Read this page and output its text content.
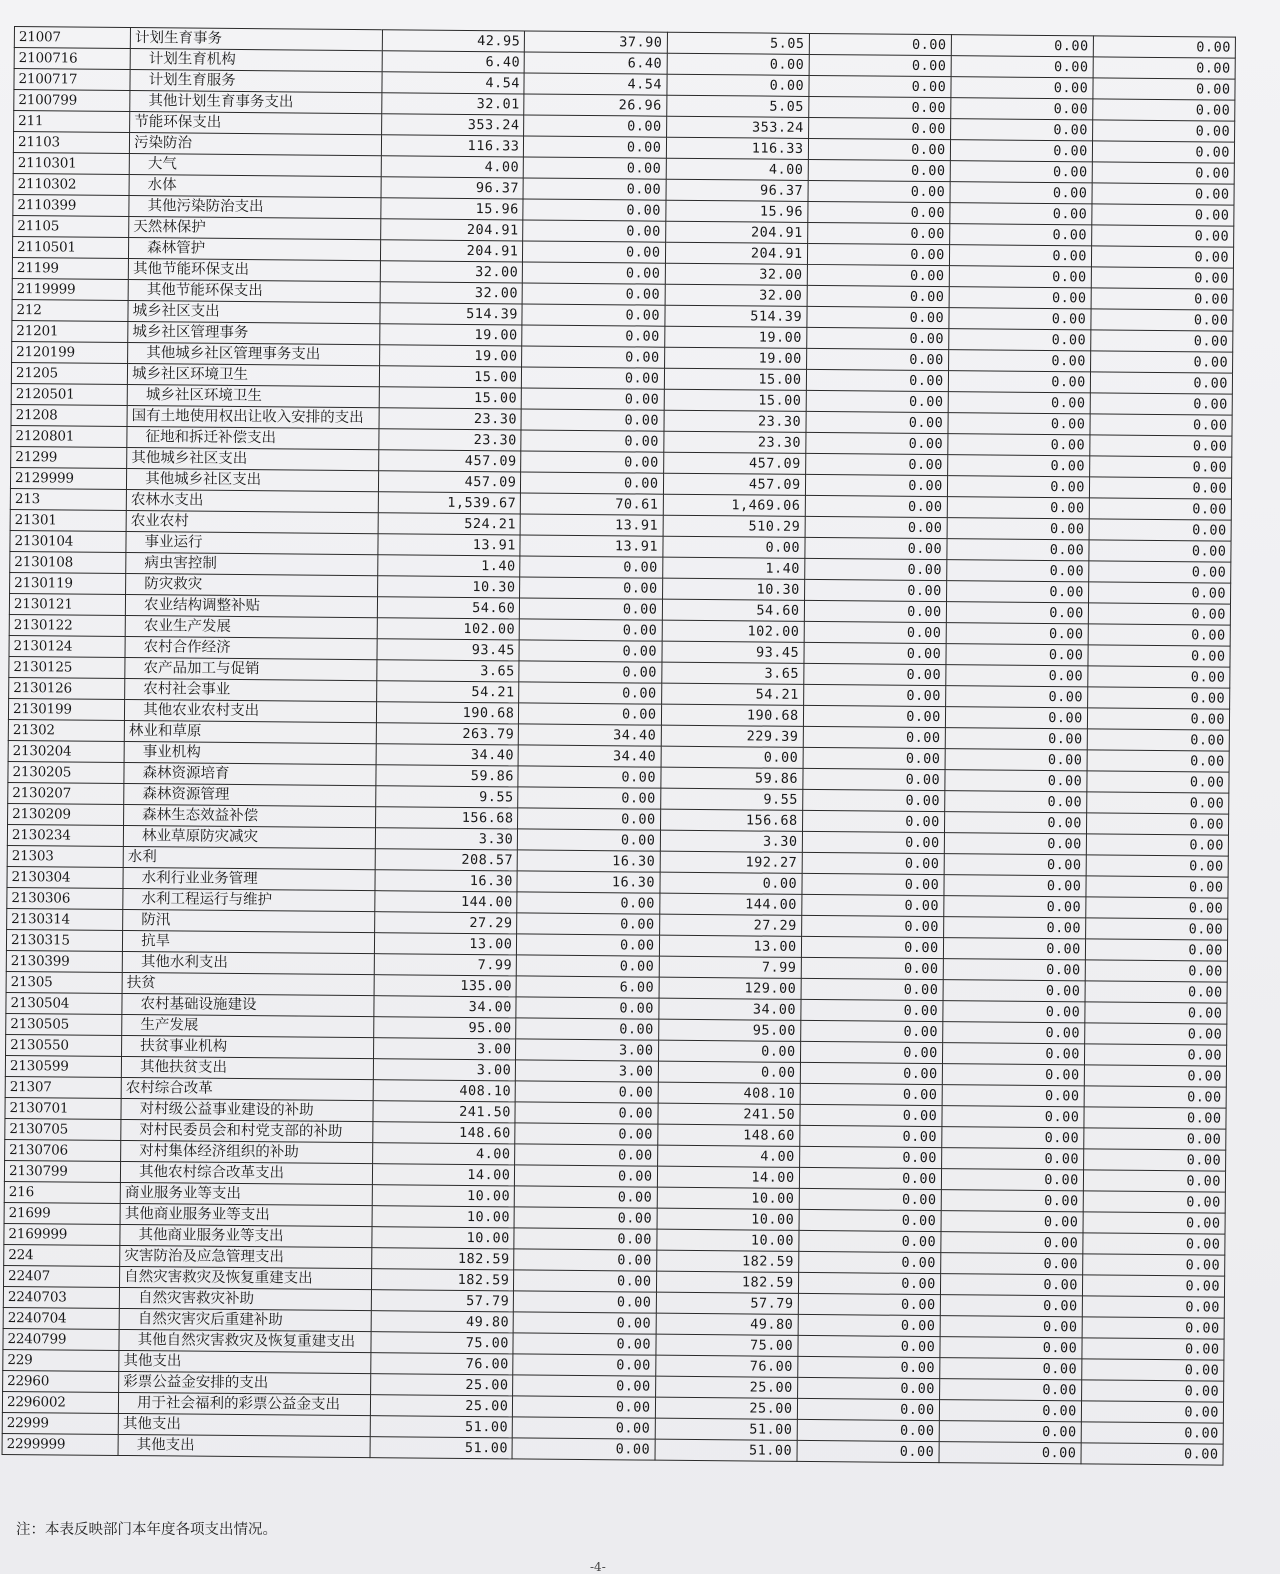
21007	计划生育事务	42.95	37.90	5.05	0.00	0.00	0.00
2100716	计划生育机构	6.40	6.40	0.00	0.00	0.00	0.00
2100717	计划生育服务	4.54	4.54	0.00	0.00	0.00	0.00
2100799	其他计划生育事务支出	32.01	26.96	5.05	0.00	0.00	0.00
211	节能环保支出	353.24	0.00	353.24	0.00	0.00	0.00
21103	污染防治	116.33	0.00	116.33	0.00	0.00	0.00
2110301	大气	4.00	0.00	4.00	0.00	0.00	0.00
2110302	水体	96.37	0.00	96.37	0.00	0.00	0.00
2110399	其他污染防治支出	15.96	0.00	15.96	0.00	0.00	0.00
21105	天然林保护	204.91	0.00	204.91	0.00	0.00	0.00
2110501	森林管护	204.91	0.00	204.91	0.00	0.00	0.00
21199	其他节能环保支出	32.00	0.00	32.00	0.00	0.00	0.00
2119999	其他节能环保支出	32.00	0.00	32.00	0.00	0.00	0.00
212	城乡社区支出	514.39	0.00	514.39	0.00	0.00	0.00
21201	城乡社区管理事务	19.00	0.00	19.00	0.00	0.00	0.00
2120199	其他城乡社区管理事务支出	19.00	0.00	19.00	0.00	0.00	0.00
21205	城乡社区环境卫生	15.00	0.00	15.00	0.00	0.00	0.00
2120501	城乡社区环境卫生	15.00	0.00	15.00	0.00	0.00	0.00
21208	国有土地使用权出让收入安排的支出	23.30	0.00	23.30	0.00	0.00	0.00
2120801	征地和拆迁补偿支出	23.30	0.00	23.30	0.00	0.00	0.00
21299	其他城乡社区支出	457.09	0.00	457.09	0.00	0.00	0.00
2129999	其他城乡社区支出	457.09	0.00	457.09	0.00	0.00	0.00
213	农林水支出	1,539.67	70.61	1,469.06	0.00	0.00	0.00
21301	农业农村	524.21	13.91	510.29	0.00	0.00	0.00
2130104	事业运行	13.91	13.91	0.00	0.00	0.00	0.00
2130108	病虫害控制	1.40	0.00	1.40	0.00	0.00	0.00
2130119	防灾救灾	10.30	0.00	10.30	0.00	0.00	0.00
2130121	农业结构调整补贴	54.60	0.00	54.60	0.00	0.00	0.00
2130122	农业生产发展	102.00	0.00	102.00	0.00	0.00	0.00
2130124	农村合作经济	93.45	0.00	93.45	0.00	0.00	0.00
2130125	农产品加工与促销	3.65	0.00	3.65	0.00	0.00	0.00
2130126	农村社会事业	54.21	0.00	54.21	0.00	0.00	0.00
2130199	其他农业农村支出	190.68	0.00	190.68	0.00	0.00	0.00
21302	林业和草原	263.79	34.40	229.39	0.00	0.00	0.00
2130204	事业机构	34.40	34.40	0.00	0.00	0.00	0.00
2130205	森林资源培育	59.86	0.00	59.86	0.00	0.00	0.00
2130207	森林资源管理	9.55	0.00	9.55	0.00	0.00	0.00
2130209	森林生态效益补偿	156.68	0.00	156.68	0.00	0.00	0.00
2130234	林业草原防灾减灾	3.30	0.00	3.30	0.00	0.00	0.00
21303	水利	208.57	16.30	192.27	0.00	0.00	0.00
2130304	水利行业业务管理	16.30	16.30	0.00	0.00	0.00	0.00
2130306	水利工程运行与维护	144.00	0.00	144.00	0.00	0.00	0.00
2130314	防汛	27.29	0.00	27.29	0.00	0.00	0.00
2130315	抗旱	13.00	0.00	13.00	0.00	0.00	0.00
2130399	其他水利支出	7.99	0.00	7.99	0.00	0.00	0.00
21305	扶贫	135.00	6.00	129.00	0.00	0.00	0.00
2130504	农村基础设施建设	34.00	0.00	34.00	0.00	0.00	0.00
2130505	生产发展	95.00	0.00	95.00	0.00	0.00	0.00
2130550	扶贫事业机构	3.00	3.00	0.00	0.00	0.00	0.00
2130599	其他扶贫支出	3.00	3.00	0.00	0.00	0.00	0.00
21307	农村综合改革	408.10	0.00	408.10	0.00	0.00	0.00
2130701	对村级公益事业建设的补助	241.50	0.00	241.50	0.00	0.00	0.00
2130705	对村民委员会和村党支部的补助	148.60	0.00	148.60	0.00	0.00	0.00
2130706	对村集体经济组织的补助	4.00	0.00	4.00	0.00	0.00	0.00
2130799	其他农村综合改革支出	14.00	0.00	14.00	0.00	0.00	0.00
216	商业服务业等支出	10.00	0.00	10.00	0.00	0.00	0.00
21699	其他商业服务业等支出	10.00	0.00	10.00	0.00	0.00	0.00
2169999	其他商业服务业等支出	10.00	0.00	10.00	0.00	0.00	0.00
224	灾害防治及应急管理支出	182.59	0.00	182.59	0.00	0.00	0.00
22407	自然灾害救灾及恢复重建支出	182.59	0.00	182.59	0.00	0.00	0.00
2240703	自然灾害救灾补助	57.79	0.00	57.79	0.00	0.00	0.00
2240704	自然灾害灾后重建补助	49.80	0.00	49.80	0.00	0.00	0.00
2240799	其他自然灾害救灾及恢复重建支出	75.00	0.00	75.00	0.00	0.00	0.00
229	其他支出	76.00	0.00	76.00	0.00	0.00	0.00
22960	彩票公益金安排的支出	25.00	0.00	25.00	0.00	0.00	0.00
2296002	用于社会福利的彩票公益金支出	25.00	0.00	25.00	0.00	0.00	0.00
22999	其他支出	51.00	0.00	51.00	0.00	0.00	0.00
2299999	其他支出	51.00	0.00	51.00	0.00	0.00	0.00
注：本表反映部门本年度各项支出情况。
-4-
